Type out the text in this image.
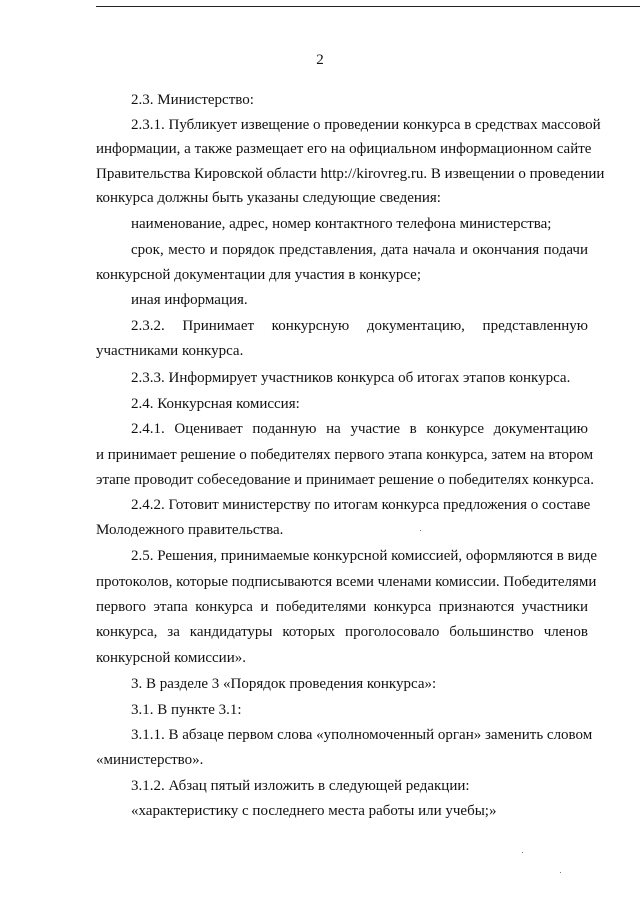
2
2.3. Министерство:
2.3.1. Публикует извещение о проведении конкурса в средствах массовой
информации, а также размещает его на официальном информационном сайте
Правительства Кировской области http://kirovreg.ru. В извещении о проведении
конкурса должны быть указаны следующие сведения:
наименование, адрес, номер контактного телефона министерства;
срок, место и порядок представления, дата начала и окончания подачи
конкурсной документации для участия в конкурсе;
иная информация.
2.3.2. Принимает конкурсную документацию, представленную
участниками конкурса.
2.3.3. Информирует участников конкурса об итогах этапов конкурса.
2.4. Конкурсная комиссия:
2.4.1. Оценивает поданную на участие в конкурсе документацию
и принимает решение о победителях первого этапа конкурса, затем на втором
этапе проводит собеседование и принимает решение о победителях конкурса.
2.4.2. Готовит министерству по итогам конкурса предложения о составе
Молодежного правительства.
2.5. Решения, принимаемые конкурсной комиссией, оформляются в виде
протоколов, которые подписываются всеми членами комиссии. Победителями
первого этапа конкурса и победителями конкурса признаются участники
конкурса, за кандидатуры которых проголосовало большинство членов
конкурсной комиссии».
3. В разделе 3 «Порядок проведения конкурса»:
3.1. В пункте 3.1:
3.1.1. В абзаце первом слова «уполномоченный орган» заменить словом
«министерство».
3.1.2. Абзац пятый изложить в следующей редакции:
«характеристику с последнего места работы или учебы;»
